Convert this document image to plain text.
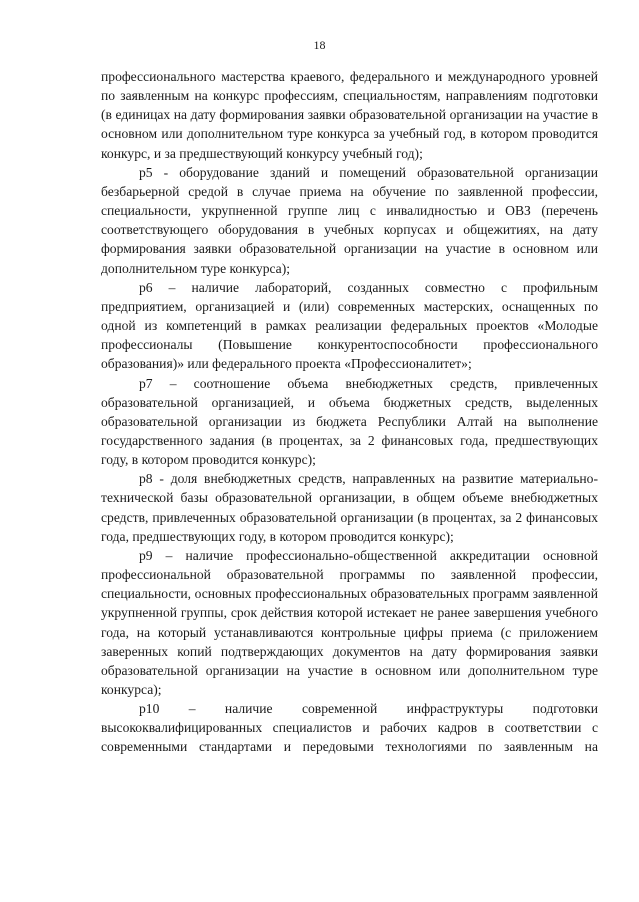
18

профессионального мастерства краевого, федерального и международного уровней по заявленным на конкурс профессиям, специальностям, направлениям подготовки (в единицах на дату формирования заявки образовательной организации на участие в основном или дополнительном туре конкурса за учебный год, в котором проводится конкурс, и за предшествующий конкурсу учебный год);

p5 - оборудование зданий и помещений образовательной организации безбарьерной средой в случае приема на обучение по заявленной профессии, специальности, укрупненной группе лиц с инвалидностью и ОВЗ (перечень соответствующего оборудования в учебных корпусах и общежитиях, на дату формирования заявки образовательной организации на участие в основном или дополнительном туре конкурса);

p6 – наличие лабораторий, созданных совместно с профильным предприятием, организацией и (или) современных мастерских, оснащенных по одной из компетенций в рамках реализации федеральных проектов «Молодые профессионалы (Повышение конкурентоспособности профессионального образования)» или федерального проекта «Профессионалитет»;

p7 – соотношение объема внебюджетных средств, привлеченных образовательной организацией, и объема бюджетных средств, выделенных образовательной организации из бюджета Республики Алтай на выполнение государственного задания (в процентах, за 2 финансовых года, предшествующих году, в котором проводится конкурс);

p8 - доля внебюджетных средств, направленных на развитие материально- технической базы образовательной организации, в общем объеме внебюджетных средств, привлеченных образовательной организации (в процентах, за 2 финансовых года, предшествующих году, в котором проводится конкурс);

p9 – наличие профессионально-общественной аккредитации основной профессиональной образовательной программы по заявленной профессии, специальности, основных профессиональных образовательных программ заявленной укрупненной группы, срок действия которой истекает не ранее завершения учебного года, на который устанавливаются контрольные цифры приема (с приложением заверенных копий подтверждающих документов на дату формирования заявки образовательной организации на участие в основном или дополнительном туре конкурса);

p10 – наличие современной инфраструктуры подготовки высококвалифицированных специалистов и рабочих кадров в соответствии с современными стандартами и передовыми технологиями по заявленным на
